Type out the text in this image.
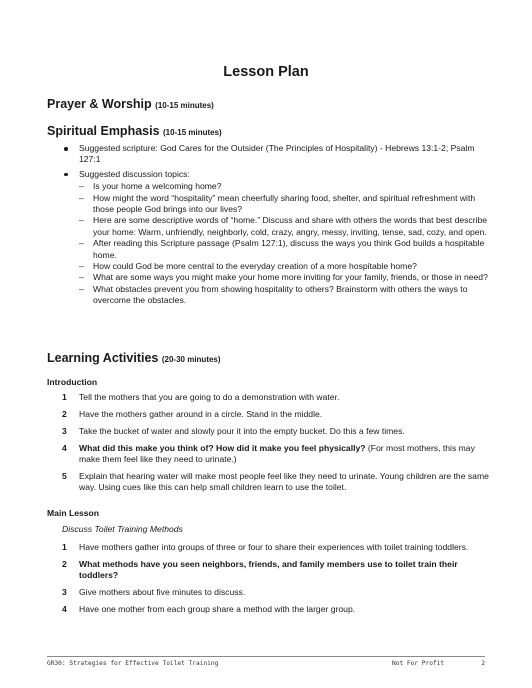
Lesson Plan
Prayer & Worship (10-15 minutes)
Spiritual Emphasis (10-15 minutes)
Suggested scripture: God Cares for the Outsider (The Principles of Hospitality) - Hebrews 13:1-2; Psalm 127:1
Suggested discussion topics:
– Is your home a welcoming home?
– How might the word “hospitality” mean cheerfully sharing food, shelter, and spiritual refreshment with those people God brings into our lives?
– Here are some descriptive words of “home.” Discuss and share with others the words that best describe your home: Warm, unfriendly, neighborly, cold, crazy, angry, messy, inviting, tense, sad, cozy, and open.
– After reading this Scripture passage (Psalm 127:1), discuss the ways you think God builds a hospitable home.
– How could God be more central to the everyday creation of a more hospitable home?
– What are some ways you might make your home more inviting for your family, friends, or those in need?
– What obstacles prevent you from showing hospitality to others? Brainstorm with others the ways to overcome the obstacles.
Learning Activities (20-30 minutes)
Introduction
1 Tell the mothers that you are going to do a demonstration with water.
2 Have the mothers gather around in a circle. Stand in the middle.
3 Take the bucket of water and slowly pour it into the empty bucket. Do this a few times.
4 What did this make you think of? How did it make you feel physically? (For most mothers, this may make them feel like they need to urinate.)
5 Explain that hearing water will make most people feel like they need to urinate. Young children are the same way. Using cues like this can help small children learn to use the toilet.
Main Lesson
Discuss Toilet Training Methods
1 Have mothers gather into groups of three or four to share their experiences with toilet training toddlers.
2 What methods have you seen neighbors, friends, and family members use to toilet train their toddlers?
3 Give mothers about five minutes to discuss.
4 Have one mother from each group share a method with the larger group.
GR30: Strategies for Effective Toilet Training	Not For Profit	2
